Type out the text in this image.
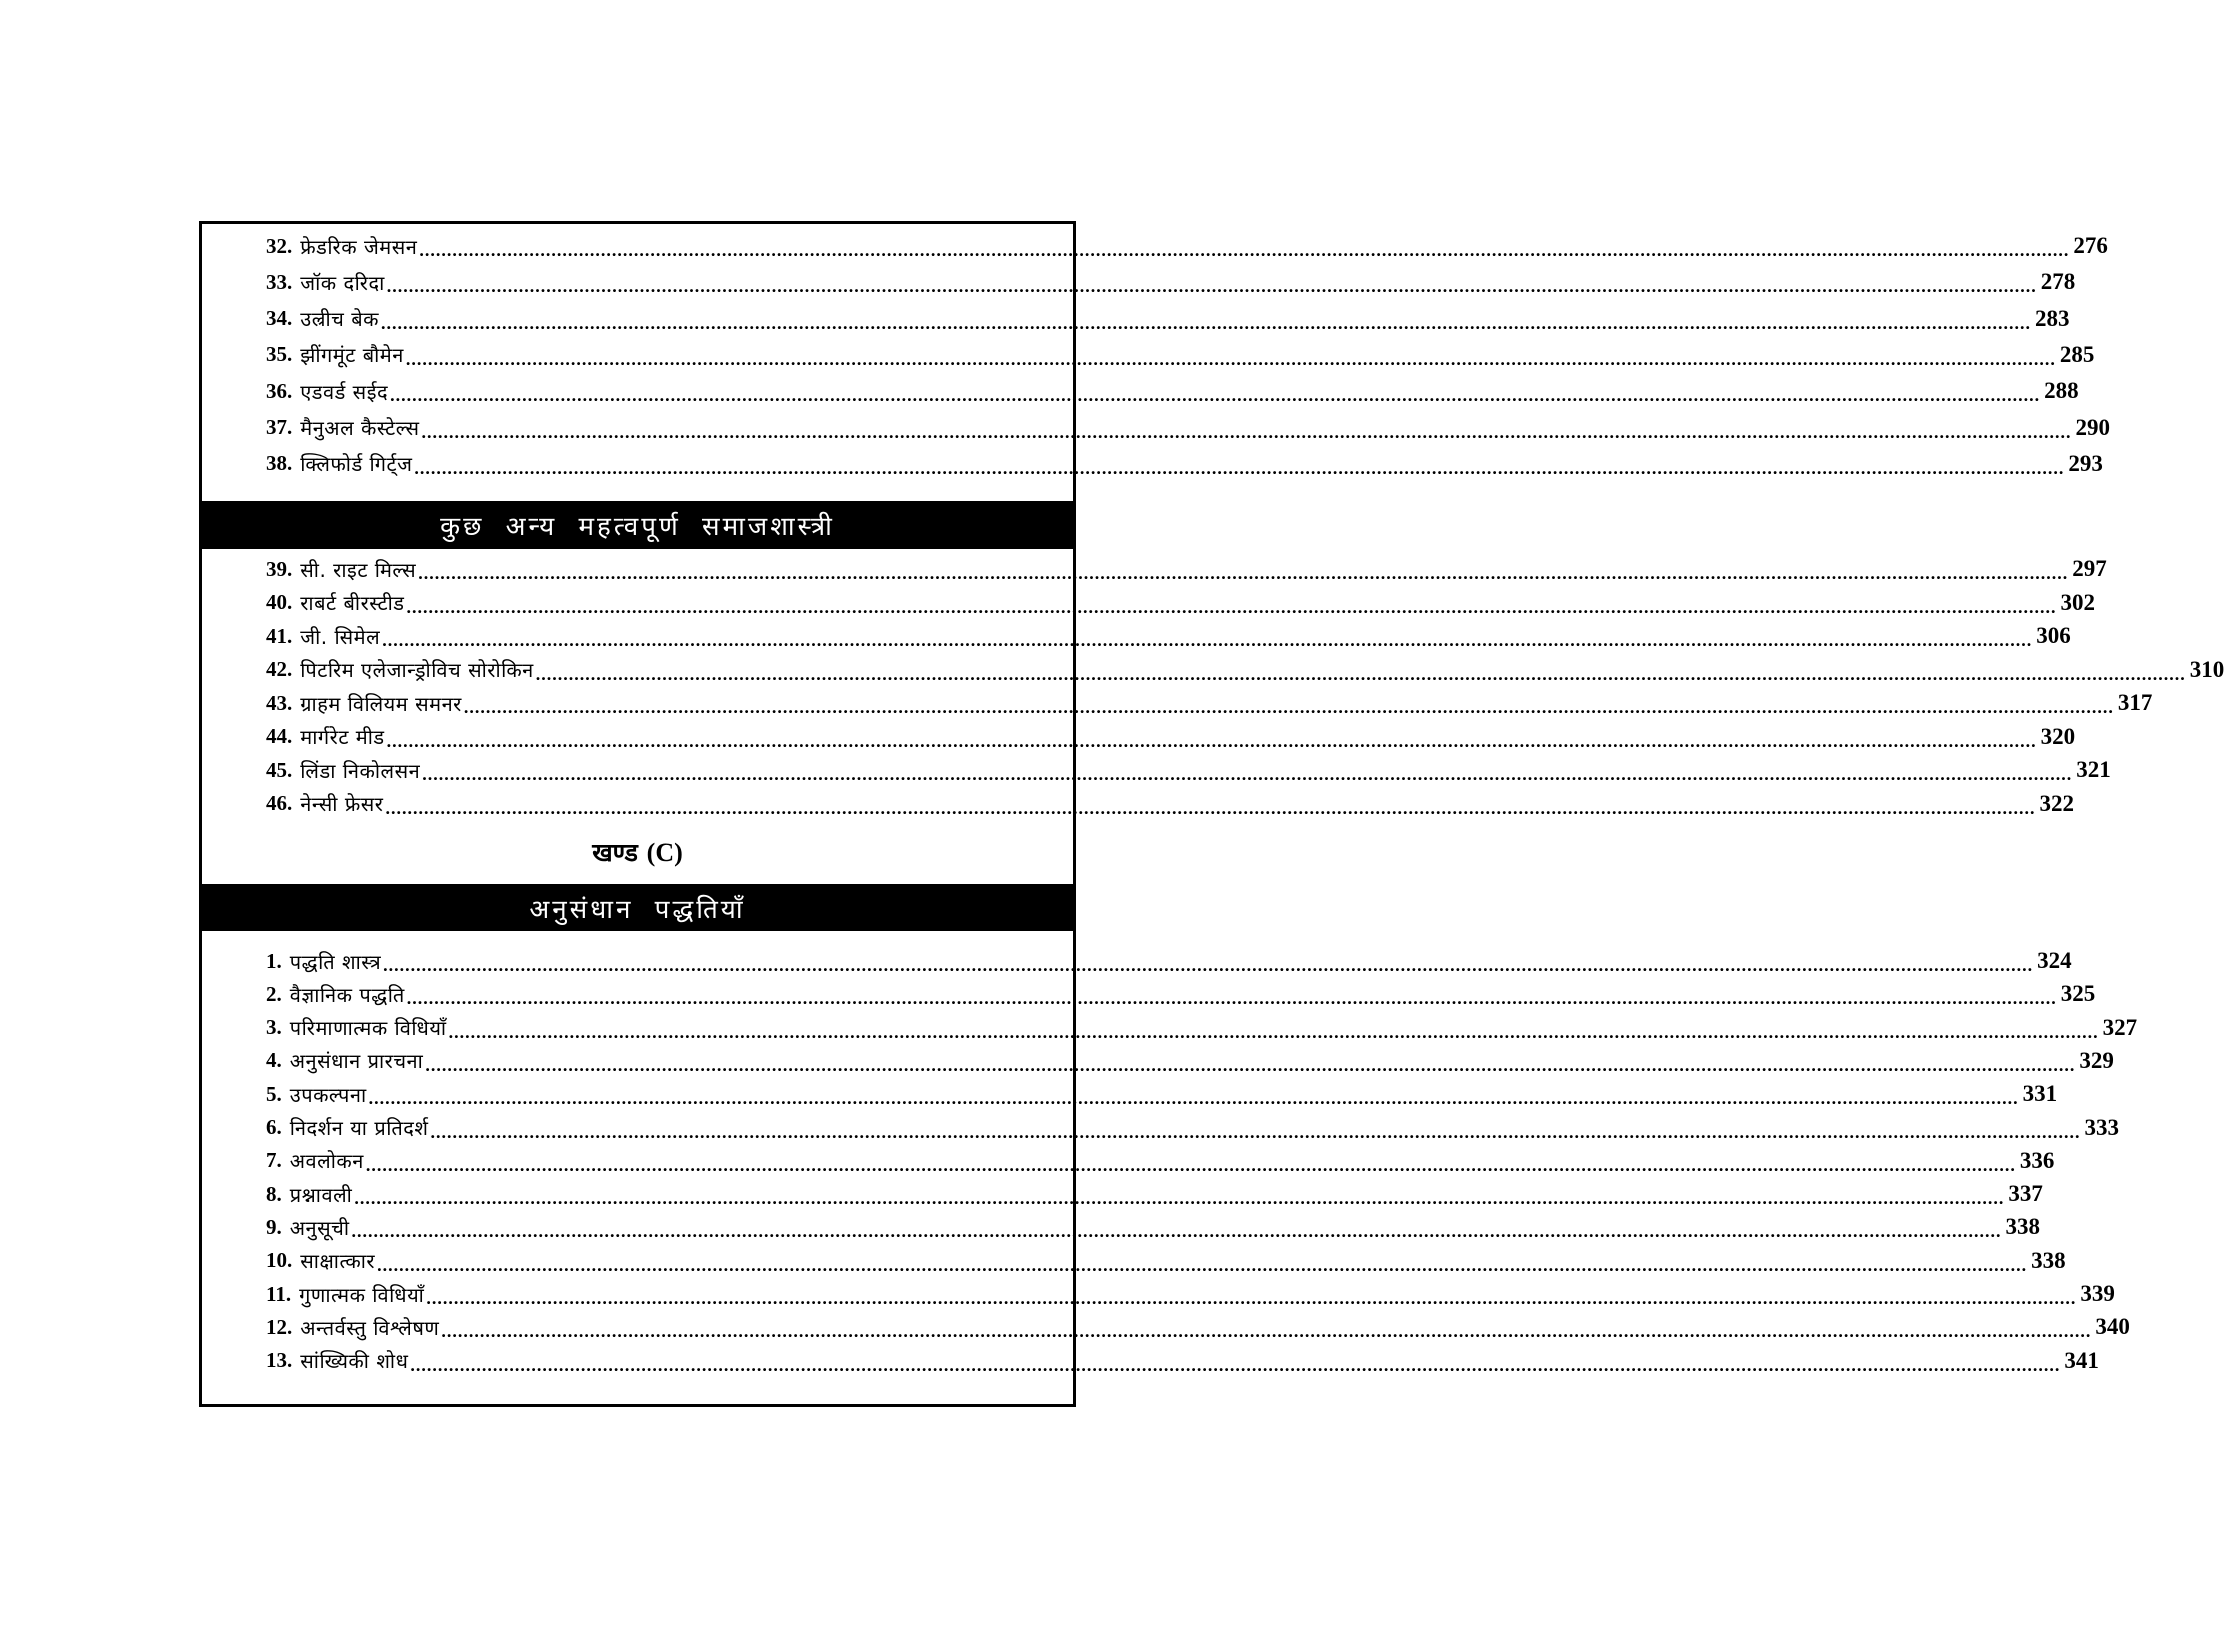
32. फ्रेडरिक जेमसन ............................................................................................................................................................................................................................................................................................................ 276
33. जॉक दरिदा ............................................................................................................................................................................................................................................................................................................ 278
34. उल्रीच बेक ............................................................................................................................................................................................................................................................................................................ 283
35. झींगमूंट बौमेन ............................................................................................................................................................................................................................................................................................................ 285
36. एडवर्ड सईद ............................................................................................................................................................................................................................................................................................................ 288
37. मैनुअल कैस्टेल्स ............................................................................................................................................................................................................................................................................................................ 290
38. क्लिफोर्ड गिर्ट्ज ............................................................................................................................................................................................................................................................................................................ 293
कुछ अन्य महत्वपूर्ण समाजशास्त्री
39. सी. राइट मिल्स ............................................................................................................................................................................................................................................................................................................ 297
40. राबर्ट बीरस्टीड ............................................................................................................................................................................................................................................................................................................ 302
41. जी. सिमेल ............................................................................................................................................................................................................................................................................................................ 306
42. पिटरिम एलेजान्ड्रोविच सोरोकिन ............................................................................................................................................................................................................................................................................................................ 310
43. ग्राहम विलियम समनर ............................................................................................................................................................................................................................................................................................................ 317
44. मार्गरेट मीड ............................................................................................................................................................................................................................................................................................................ 320
45. लिंडा निकोलसन ............................................................................................................................................................................................................................................................................................................ 321
46. नेन्सी फ्रेसर ............................................................................................................................................................................................................................................................................................................ 322
खण्ड (C)
अनुसंधान पद्धतियाँ
1. पद्धति शास्त्र ............................................................................................................................................................................................................................................................................................................ 324
2. वैज्ञानिक पद्धति ............................................................................................................................................................................................................................................................................................................ 325
3. परिमाणात्मक विधियाँ ............................................................................................................................................................................................................................................................................................................ 327
4. अनुसंधान प्रारचना ............................................................................................................................................................................................................................................................................................................ 329
5. उपकल्पना ............................................................................................................................................................................................................................................................................................................ 331
6. निदर्शन या प्रतिदर्श ............................................................................................................................................................................................................................................................................................................ 333
7. अवलोकन ............................................................................................................................................................................................................................................................................................................ 336
8. प्रश्नावली ............................................................................................................................................................................................................................................................................................................ 337
9. अनुसूची ............................................................................................................................................................................................................................................................................................................ 338
10. साक्षात्कार ............................................................................................................................................................................................................................................................................................................ 338
11. गुणात्मक विधियाँ ............................................................................................................................................................................................................................................................................................................ 339
12. अन्तर्वस्तु विश्लेषण ............................................................................................................................................................................................................................................................................................................ 340
13. सांख्यिकी शोध ............................................................................................................................................................................................................................................................................................................ 341
